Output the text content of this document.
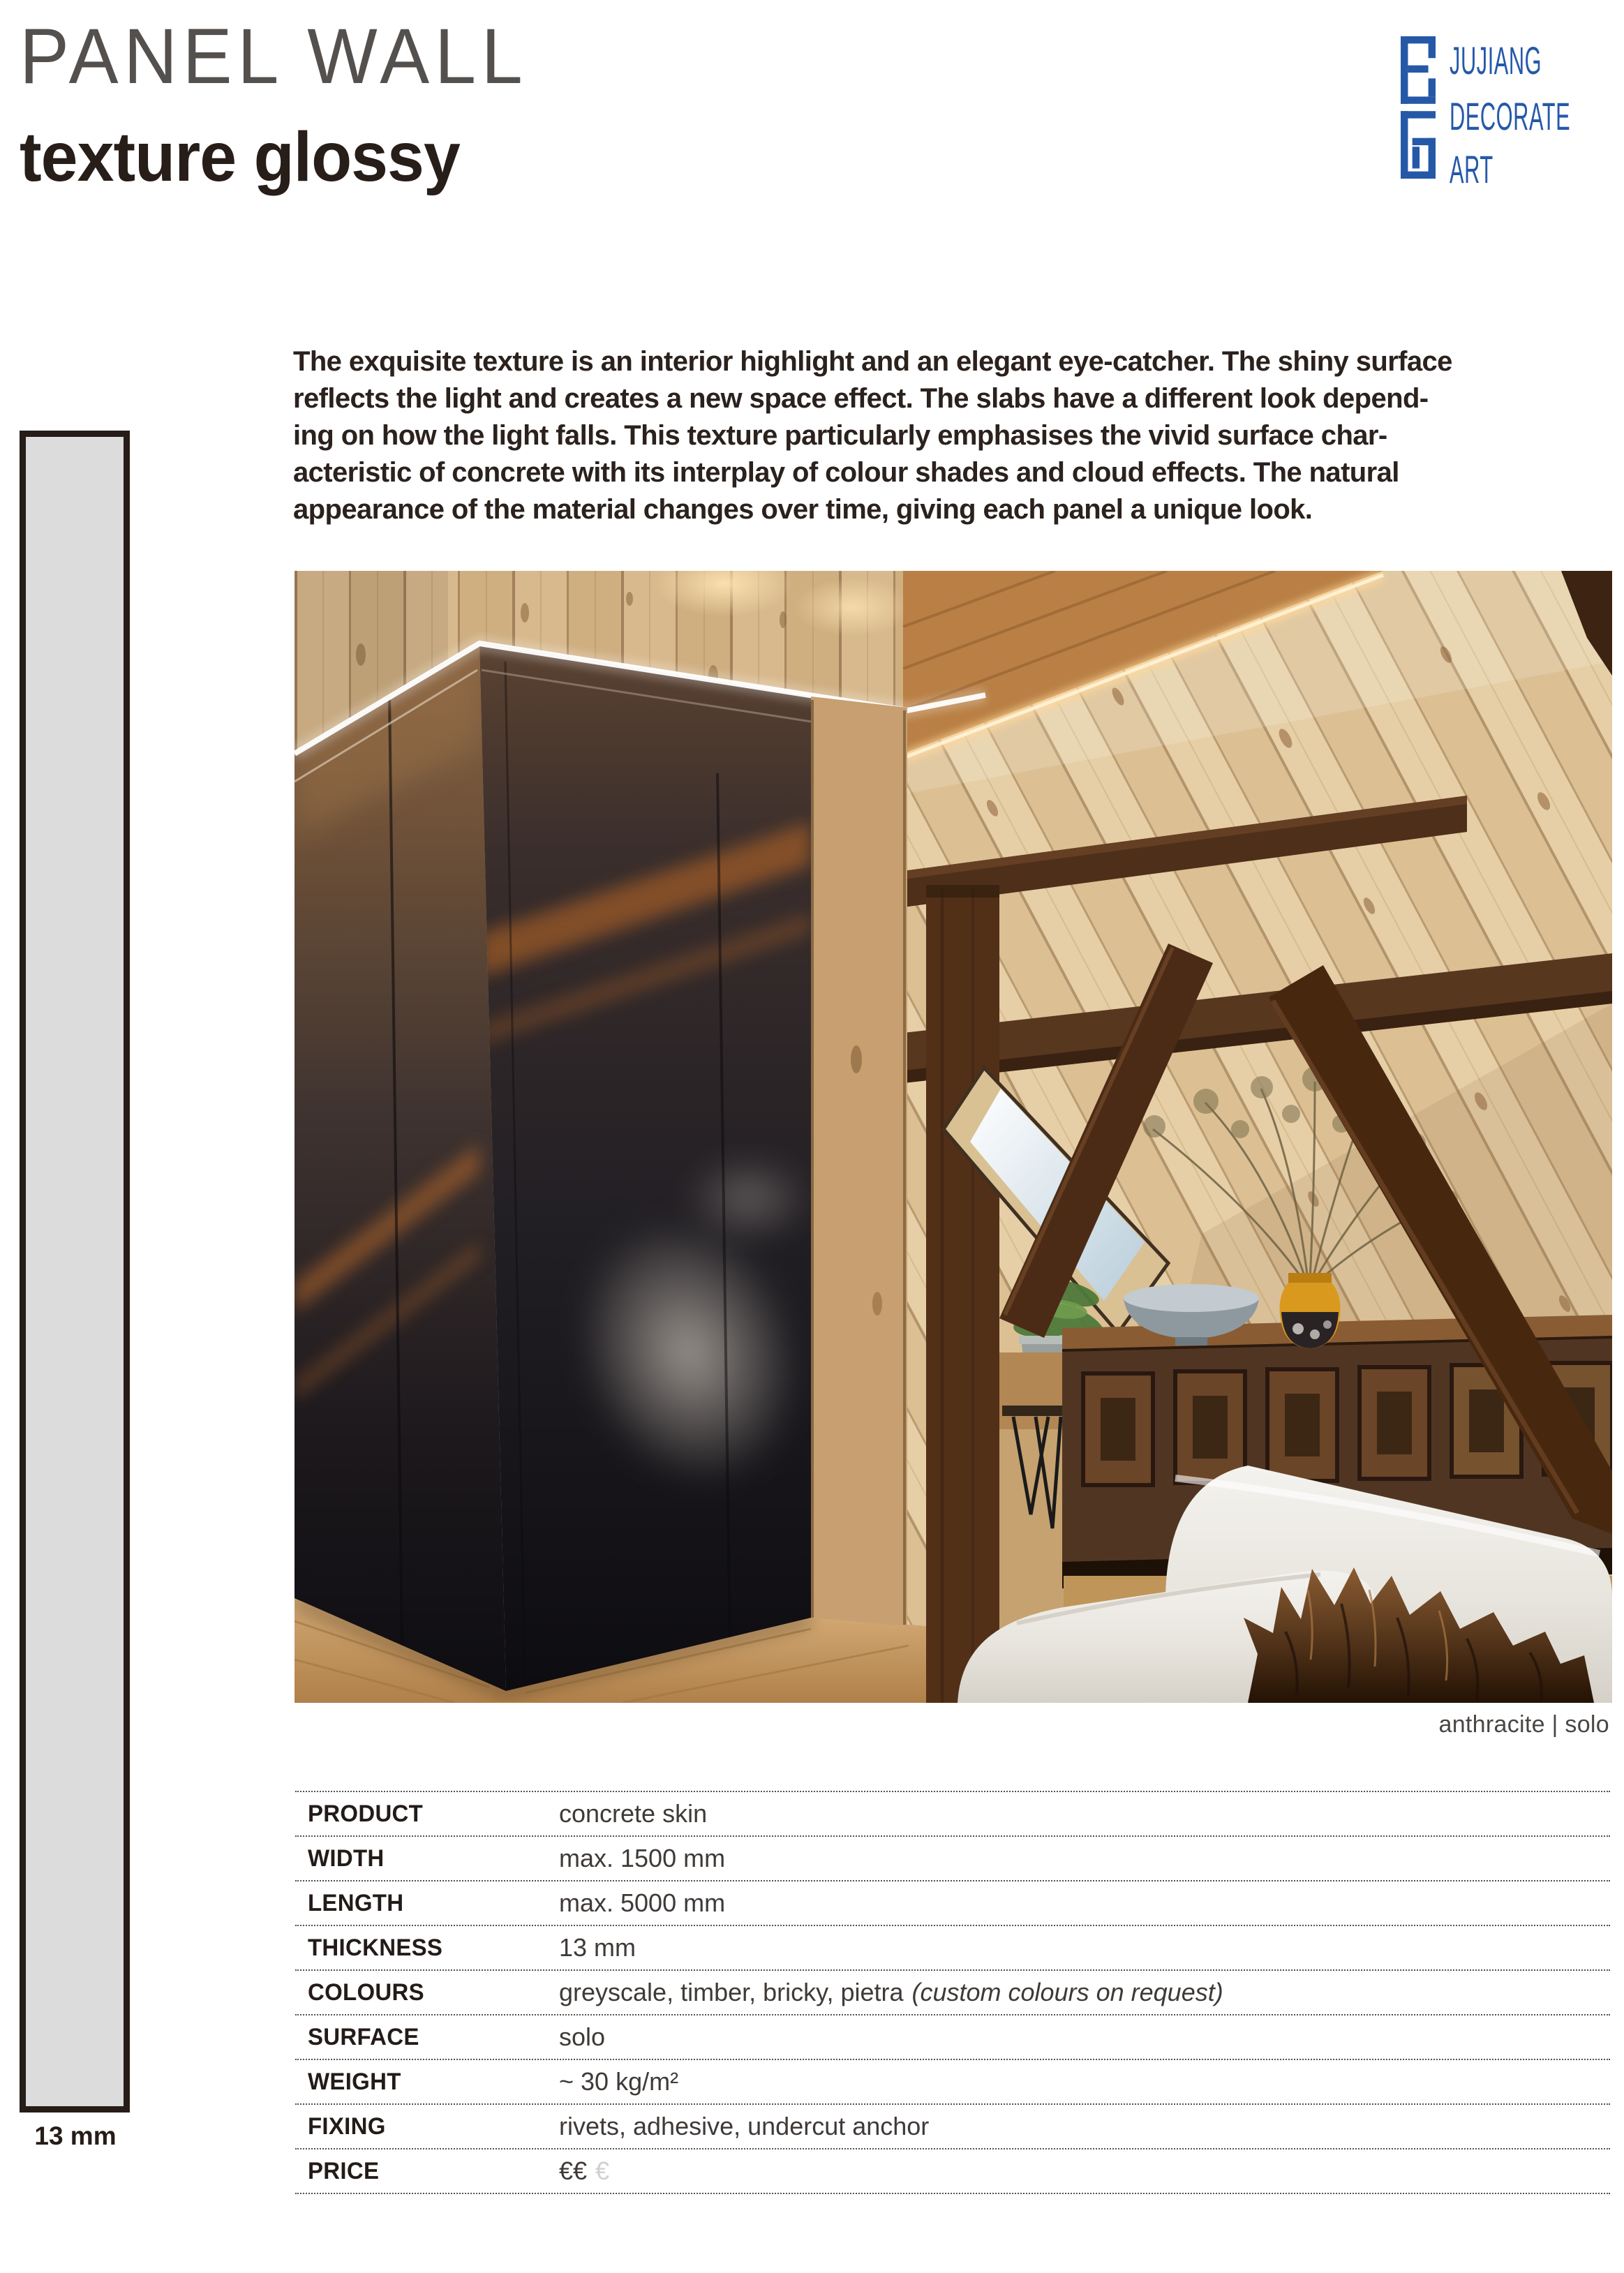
PANEL WALL
texture glossy
JUJIANG
DECORATE
ART
13 mm
The exquisite texture is an interior highlight and an elegant eye-catcher. The shiny surface
reflects the light and creates a new space effect. The slabs have a different look depend-
ing on how the light falls. This texture particularly emphasises the vivid surface char-
acteristic of concrete with its interplay of colour shades and cloud effects. The natural
appearance of the material changes over time, giving each panel a unique look.
anthracite | solo
PRODUCT	concrete skin
WIDTH	max. 1500 mm
LENGTH	max. 5000 mm
THICKNESS	13 mm
COLOURS	greyscale, timber, bricky, pietra (custom colours on request)
SURFACE	solo
WEIGHT	~ 30 kg/m²
FIXING	rivets, adhesive, undercut anchor
PRICE	€€ €
